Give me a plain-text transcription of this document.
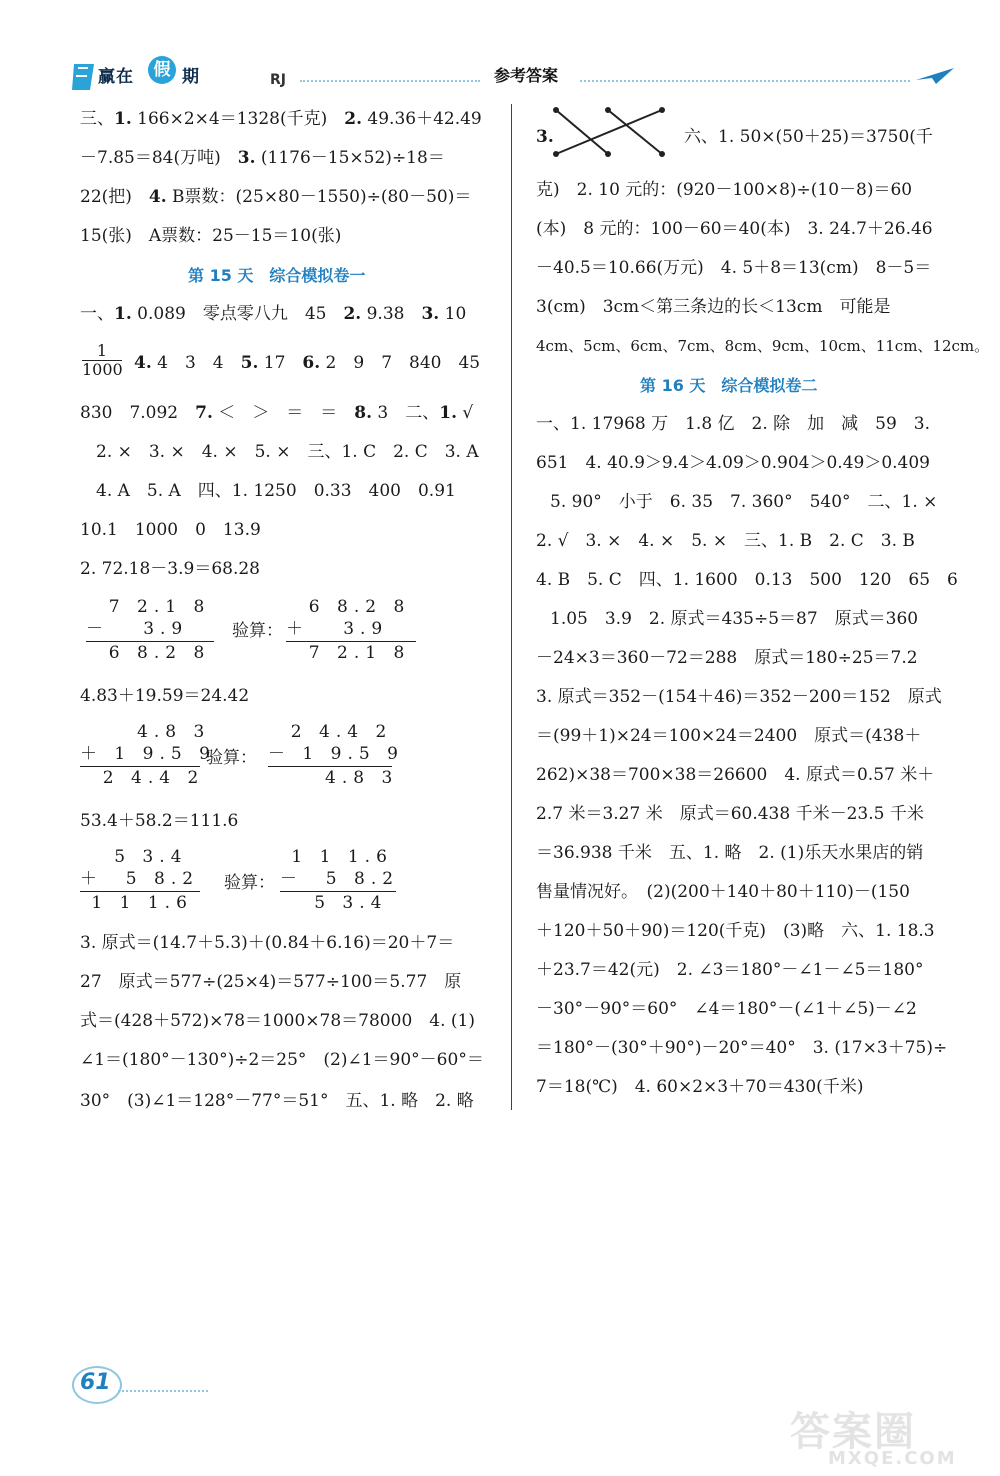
赢在	假 期	RJ	参考答案
三、1. 166×2×4＝1328(千克)　2. 49.36＋42.49
－7.85＝84(万吨)　3. (1176－15×52)÷18＝
22(把)　4. B票数：(25×80－1550)÷(80－50)＝
15(张)　A票数：25－15＝10(张)
第 15 天　综合模拟卷一
一、1. 0.089　零点零八九　45　2. 9.38　3. 10
$\frac{1}{1000} 4$. 4　3　4　5. 17　6. 2　9　7　840　45
830　7.092　7. ＜　＞　＝　＝　8. 3　二、1. √
2. ×　3. ×　4. ×　5. ×　三、1. C　2. C　3. A
4. A　5. A　四、1. 1250　0.33　400　0.91
10.1　1000　0　13.9
2. 72.18－3.9＝68.28
7 2.1 8
－   3.9
6 8.2 8
验算：
6 8.2 8
＋   3.9
7 2.1 8
4.83＋19.59＝24.42
4.8 3
＋ 1 9.5 9
2 4.4 2
验算：
2 4.4 2
－ 1 9.5 9
4.8 3
53.4＋58.2＝111.6
5 3.4
＋  5 8.2
1 1 1.6
验算：
1 1 1.6
－  5 8.2
5 3.4
3. 原式＝(14.7＋5.3)＋(0.84＋6.16)＝20＋7＝
27　原式＝577÷(25×4)＝577÷100＝5.77　原
式＝(428＋572)×78＝1000×78＝78000　4. (1)
∠1＝(180°－130°)÷2＝25°　(2)∠1＝90°－60°＝
30°　(3)∠1＝128°－77°＝51°　五、1. 略　2. 略
3.	六、1. 50×(50＋25)＝3750(千
克)　2. 10 元的：(920－100×8)÷(10－8)＝60
(本)　8 元的：100－60＝40(本)　3. 24.7＋26.46
－40.5＝10.66(万元)　4. 5＋8＝13(cm)　8－5＝
3(cm)　3cm＜第三条边的长＜13cm　可能是
4cm、5cm、6cm、7cm、8cm、9cm、10cm、11cm、12cm。
第 16 天　综合模拟卷二
一、1. 17968 万　1.8 亿　2. 除　加　减　59　3.
651　4. 40.9＞9.4＞4.09＞0.904＞0.49＞0.409
5. 90°　小于　6. 35　7. 360°　540°　二、1. ×
2. √　3. ×　4. ×　5. ×　三、1. B　2. C　3. B
4. B　5. C　四、1. 1600　0.13　500　120　65　6
1.05　3.9　2. 原式＝435÷5＝87　原式＝360
－24×3＝360－72＝288　原式＝180÷25＝7.2
3. 原式＝352－(154＋46)＝352－200＝152　原式
＝(99＋1)×24＝100×24＝2400　原式＝(438＋
262)×38＝700×38＝26600　4. 原式＝0.57 米＋
2.7 米＝3.27 米　原式＝60.438 千米－23.5 千米
＝36.938 千米　五、1. 略　2. (1)乐天水果店的销
售量情况好。　(2)(200＋140＋80＋110)－(150
＋120＋50＋90)＝120(千克)　(3)略　六、1. 18.3
＋23.7＝42(元)　2. ∠3＝180°－∠1－∠5＝180°
－30°－90°＝60°　∠4＝180°－(∠1＋∠5)－∠2
＝180°－(30°＋90°)－20°＝40°　3. (17×3＋75)÷
7＝18(℃)　4. 60×2×3＋70＝430(千米)
61
答案圈
MXQE.COM
